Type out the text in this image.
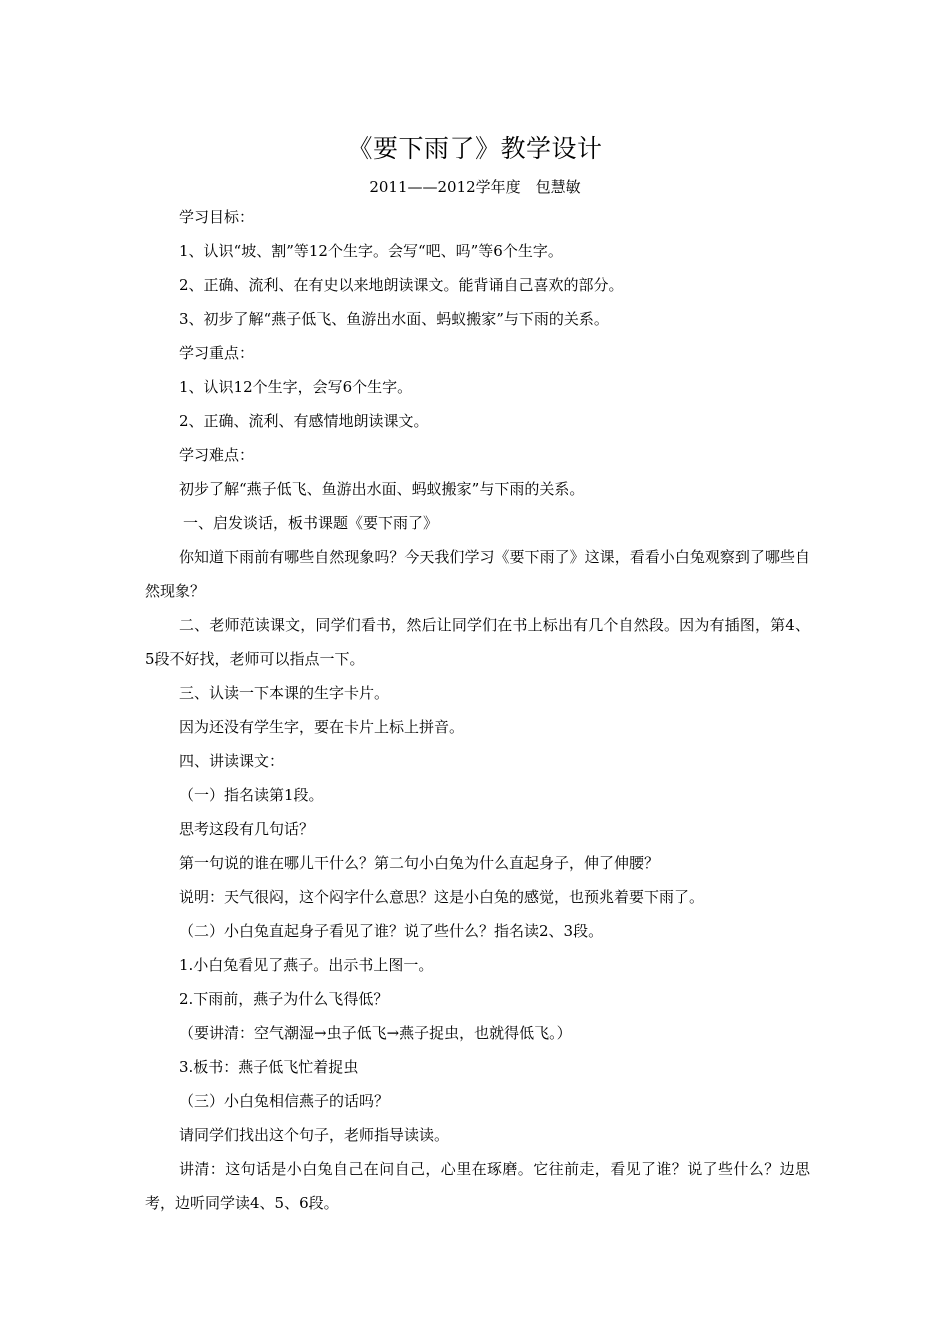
《要下雨了》教学设计
2011——2012学年度　包慧敏

学习目标：

1、认识“坡、割”等12个生字。会写“吧、吗”等6个生字。

2、正确、流利、在有史以来地朗读课文。能背诵自己喜欢的部分。

3、初步了解“燕子低飞、鱼游出水面、蚂蚁搬家”与下雨的关系。

学习重点：

1、认识12个生字，会写6个生字。

2、正确、流利、有感情地朗读课文。

学习难点：

初步了解“燕子低飞、鱼游出水面、蚂蚁搬家”与下雨的关系。

一、启发谈话，板书课题《要下雨了》

你知道下雨前有哪些自然现象吗？今天我们学习《要下雨了》这课，看看小白兔观察到了哪些自然现象？

二、老师范读课文，同学们看书，然后让同学们在书上标出有几个自然段。因为有插图，第4、5段不好找，老师可以指点一下。

三、认读一下本课的生字卡片。

因为还没有学生字，要在卡片上标上拼音。

四、讲读课文：

（一）指名读第1段。

思考这段有几句话？

第一句说的谁在哪儿干什么？第二句小白兔为什么直起身子，伸了伸腰？

说明：天气很闷，这个闷字什么意思？这是小白兔的感觉，也预兆着要下雨了。

（二）小白兔直起身子看见了谁？说了些什么？指名读2、3段。

1.小白兔看见了燕子。出示书上图一。

2.下雨前，燕子为什么飞得低？

（要讲清：空气潮湿→虫子低飞→燕子捉虫，也就得低飞。）

3.板书：燕子低飞忙着捉虫

（三）小白兔相信燕子的话吗？

请同学们找出这个句子，老师指导读读。

讲清：这句话是小白兔自己在问自己，心里在琢磨。它往前走，看见了谁？说了些什么？边思考，边听同学读4、5、6段。
